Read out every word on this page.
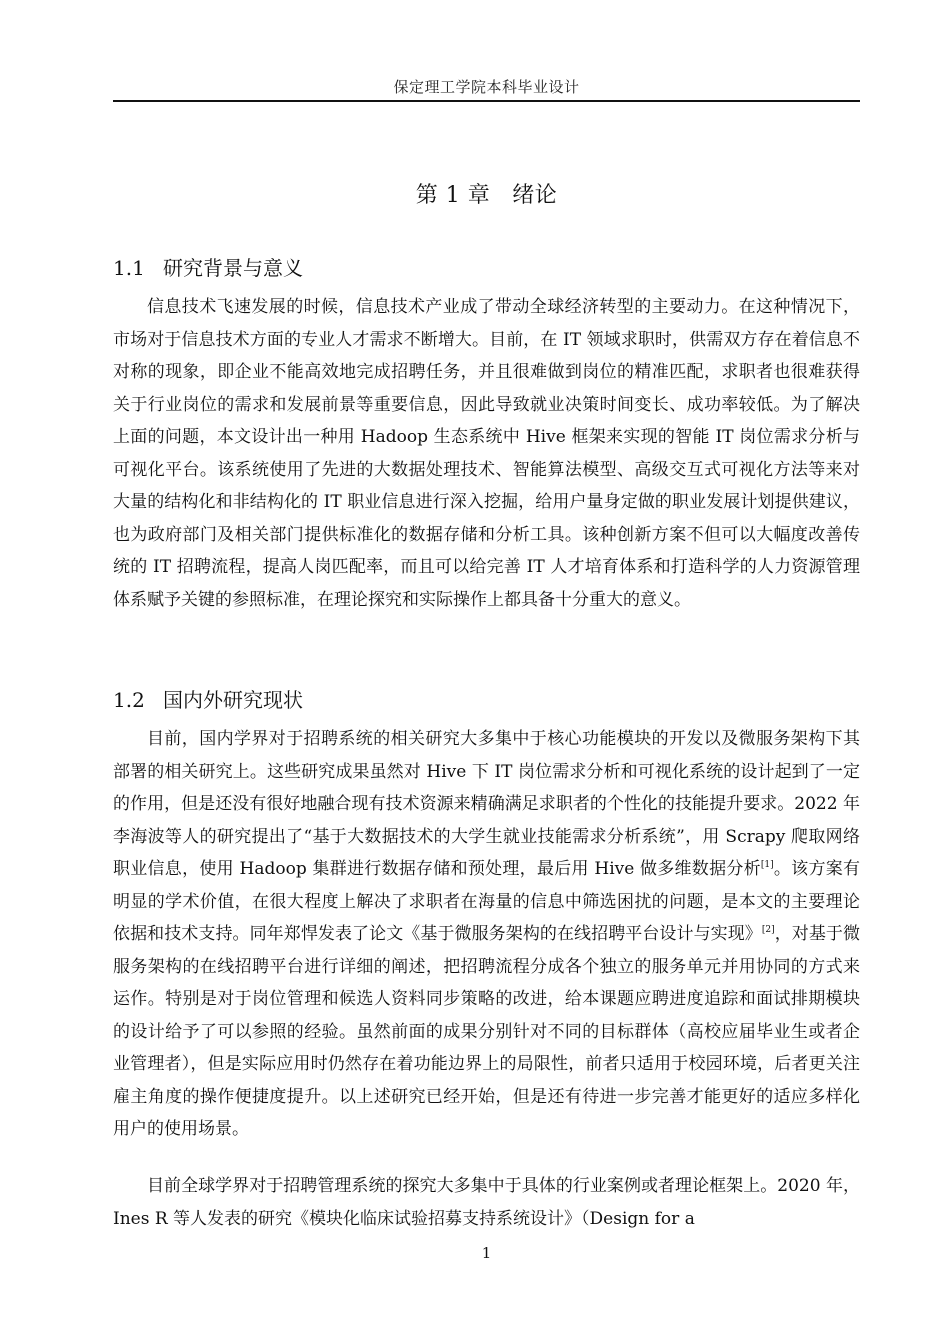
保定理工学院本科毕业设计
第 1 章 绪论
1.1 研究背景与意义

信息技术飞速发展的时候，信息技术产业成了带动全球经济转型的主要动力。在这种情况下，市场对于信息技术方面的专业人才需求不断增大。目前，在 IT 领域求职时，供需双方存在着信息不对称的现象，即企业不能高效地完成招聘任务，并且很难做到岗位的精准匹配，求职者也很难获得关于行业岗位的需求和发展前景等重要信息，因此导致就业决策时间变长、成功率较低。为了解决上面的问题，本文设计出一种用 Hadoop 生态系统中 Hive 框架来实现的智能 IT 岗位需求分析与可视化平台。该系统使用了先进的大数据处理技术、智能算法模型、高级交互式可视化方法等来对大量的结构化和非结构化的 IT 职业信息进行深入挖掘，给用户量身定做的职业发展计划提供建议，也为政府部门及相关部门提供标准化的数据存储和分析工具。该种创新方案不但可以大幅度改善传统的 IT 招聘流程，提高人岗匹配率，而且可以给完善 IT 人才培育体系和打造科学的人力资源管理体系赋予关键的参照标准，在理论探究和实际操作上都具备十分重大的意义。

1.2 国内外研究现状

目前，国内学界对于招聘系统的相关研究大多集中于核心功能模块的开发以及微服务架构下其部署的相关研究上。这些研究成果虽然对 Hive 下 IT 岗位需求分析和可视化系统的设计起到了一定的作用，但是还没有很好地融合现有技术资源来精确满足求职者的个性化的技能提升要求。2022 年李海波等人的研究提出了“基于大数据技术的大学生就业技能需求分析系统”，用 Scrapy 爬取网络职业信息，使用 Hadoop 集群进行数据存储和预处理，最后用 Hive 做多维数据分析[1]。该方案有明显的学术价值，在很大程度上解决了求职者在海量的信息中筛选困扰的问题，是本文的主要理论依据和技术支持。同年郑悍发表了论文《基于微服务架构的在线招聘平台设计与实现》[2]，对基于微服务架构的在线招聘平台进行详细的阐述，把招聘流程分成各个独立的服务单元并用协同的方式来运作。特别是对于岗位管理和候选人资料同步策略的改进，给本课题应聘进度追踪和面试排期模块的设计给予了可以参照的经验。虽然前面的成果分别针对不同的目标群体（高校应届毕业生或者企业管理者），但是实际应用时仍然存在着功能边界上的局限性，前者只适用于校园环境，后者更关注雇主角度的操作便捷度提升。以上述研究已经开始，但是还有待进一步完善才能更好的适应多样化用户的使用场景。

目前全球学界对于招聘管理系统的探究大多集中于具体的行业案例或者理论框架上。2020 年，Ines R 等人发表的研究《模块化临床试验招募支持系统设计》（Design for a

1
